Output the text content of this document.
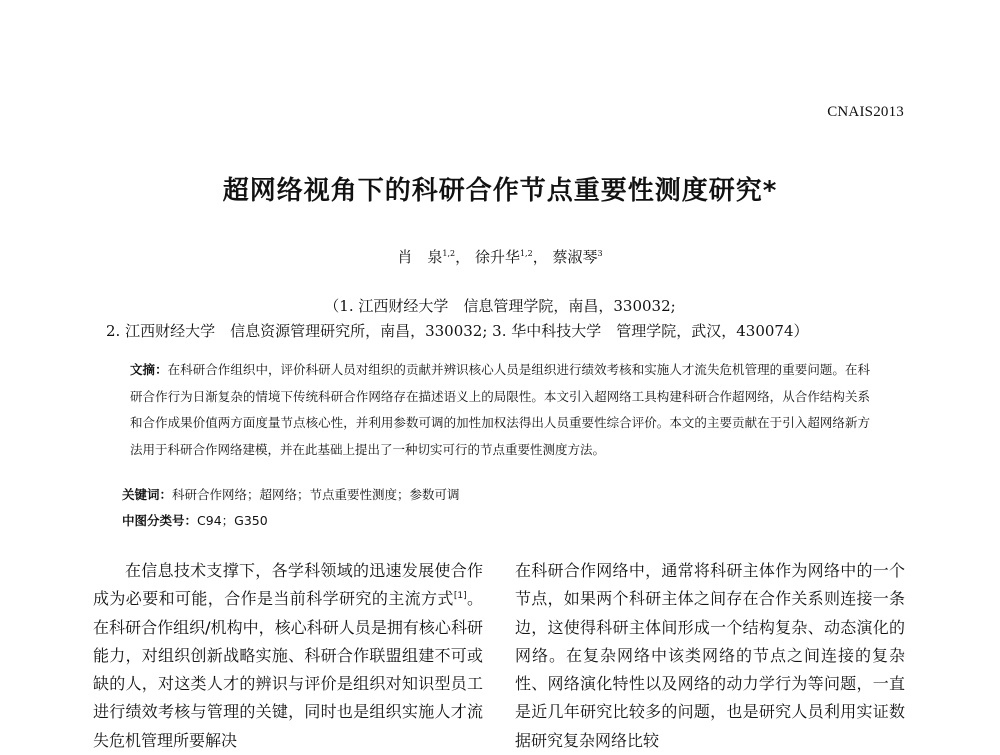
CNAIS2013
超网络视角下的科研合作节点重要性测度研究*
肖　泉$^{1,2}$， 徐升华$^{1,2}$， 蔡淑琴$^3$
（1. 江西财经大学　信息管理学院，南昌，330032;
2. 江西财经大学　信息资源管理研究所，南昌，330032; 3. 华中科技大学　管理学院，武汉，430074）
文摘：在科研合作组织中，评价科研人员对组织的贡献并辨识核心人员是组织进行绩效考核和实施人才流失危机管理的重要问题。在科研合作行为日渐复杂的情境下传统科研合作网络存在描述语义上的局限性。本文引入超网络工具构建科研合作超网络，从合作结构关系和合作成果价值两方面度量节点核心性，并利用参数可调的加性加权法得出人员重要性综合评价。本文的主要贡献在于引入超网络新方法用于科研合作网络建模，并在此基础上提出了一种切实可行的节点重要性测度方法。
关键词：科研合作网络；超网络；节点重要性测度；参数可调
中图分类号：C94；G350
在信息技术支撑下，各学科领域的迅速发展使合作成为必要和可能，合作是当前科学研究的主流方式[1]。在科研合作组织/机构中，核心科研人员是拥有核心科研能力，对组织创新战略实施、科研合作联盟组建不可或缺的人，对这类人才的辨识与评价是组织对知识型员工进行绩效考核与管理的关键，同时也是组织实施人才流失危机管理所要解决
在科研合作网络中，通常将科研主体作为网络中的一个节点，如果两个科研主体之间存在合作关系则连接一条边，这使得科研主体间形成一个结构复杂、动态演化的网络。在复杂网络中该类网络的节点之间连接的复杂性、网络演化特性以及网络的动力学行为等问题，一直是近几年研究比较多的问题，也是研究人员利用实证数据研究复杂网络比较
